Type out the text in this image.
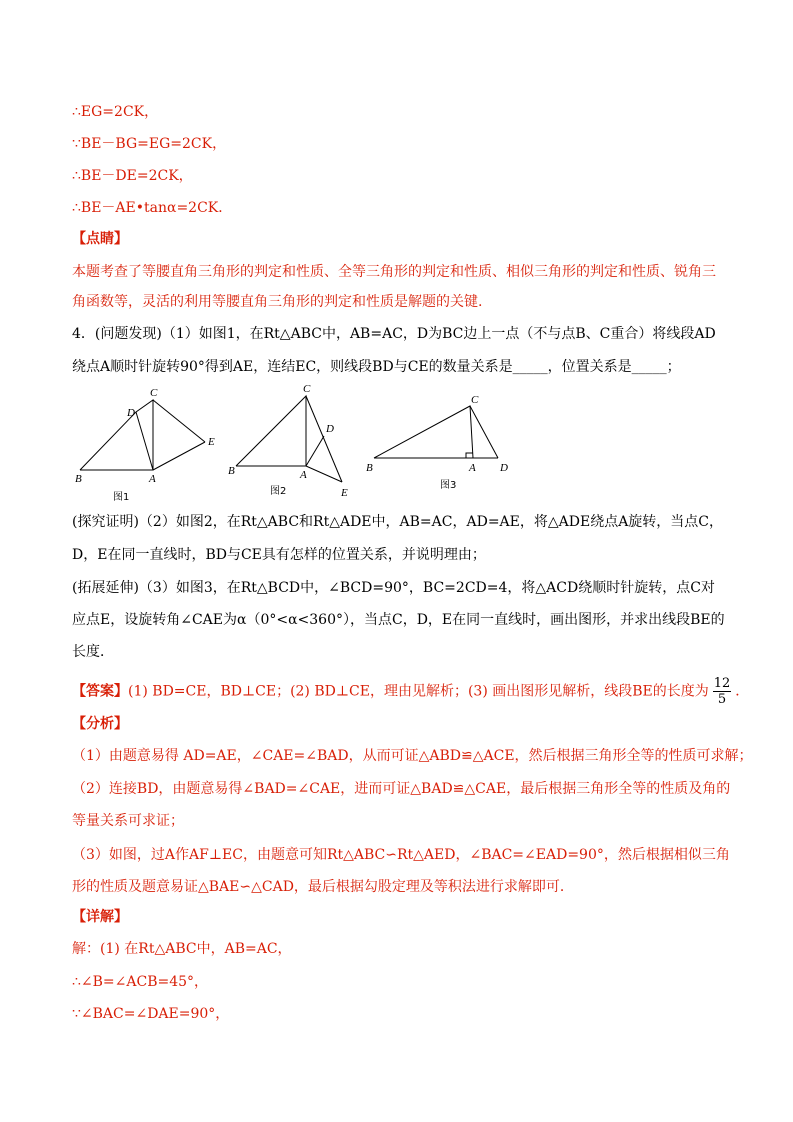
∴EG=2CK，
∵BE－BG=EG=2CK，
∴BE－DE=2CK，
∴BE－AE•tanα=2CK．
【点睛】
本题考查了等腰直角三角形的判定和性质、全等三角形的判定和性质、相似三角形的判定和性质、锐角三
角函数等，灵活的利用等腰直角三角形的判定和性质是解题的关键.
4．(问题发现)（1）如图1，在Rt△ABC中，AB=AC，D为BC边上一点（不与点B、C重合）将线段AD
绕点A顺时针旋转90°得到AE，连结EC，则线段BD与CE的数量关系是_____，位置关系是_____；
C
D
E
B	A
C
D
B	A
E
C
B	A D
图1
图2
图3
(探究证明)（2）如图2，在Rt△ABC和Rt△ADE中，AB=AC，AD=AE，将△ADE绕点A旋转，当点C，
D，E在同一直线时，BD与CE具有怎样的位置关系，并说明理由；
(拓展延伸)（3）如图3，在Rt△BCD中，∠BCD=90°，BC=2CD=4，将△ACD绕顺时针旋转，点C对
应点E，设旋转角∠CAE为α（0°<α<360°），当点C，D，E在同一直线时，画出图形，并求出线段BE的
长度．
【答案】(1) BD=CE，BD⊥CE；(2) BD⊥CE，理由见解析；(3) 画出图形见解析，线段BE的长度为 $\frac{12}{5}$ ．
【分析】
（1）由题意易得 AD=AE，∠CAE=∠BAD，从而可证△ABD≌△ACE，然后根据三角形全等的性质可求解；
（2）连接BD，由题意易得∠BAD=∠CAE，进而可证△BAD≌△CAE，最后根据三角形全等的性质及角的
等量关系可求证；
（3）如图，过A作AF⊥EC，由题意可知Rt△ABC∽Rt△AED，∠BAC=∠EAD=90°，然后根据相似三角
形的性质及题意易证△BAE∽△CAD，最后根据勾股定理及等积法进行求解即可．
【详解】
解：(1) 在Rt△ABC中，AB=AC，
∴∠B=∠ACB=45°，
∵∠BAC=∠DAE=90°，
